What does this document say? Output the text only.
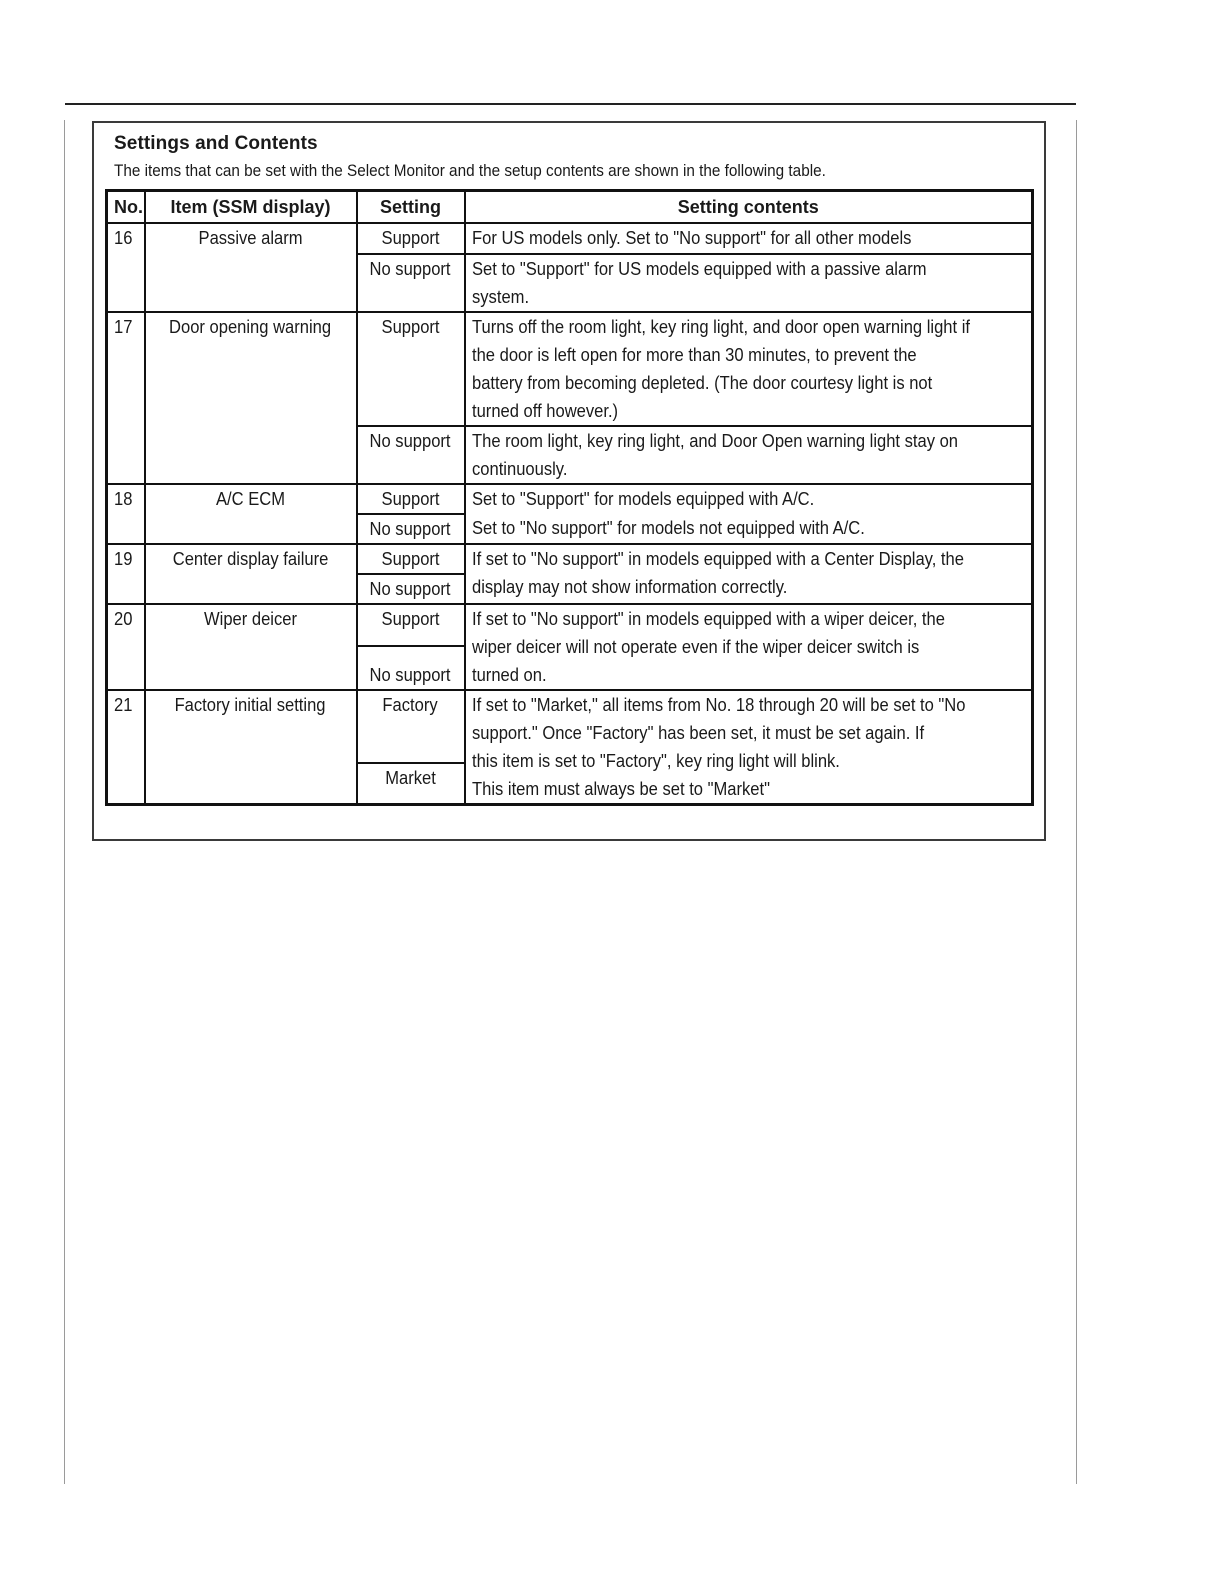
Settings and Contents
The items that can be set with the Select Monitor and the setup contents are shown in the following table.
No.	Item (SSM display)	Setting	Setting contents
16	Passive alarm	Support	For US models only. Set to "No support" for all other models
		No support	Set to "Support" for US models equipped with a passive alarm
system.
17	Door opening warning	Support	Turns off the room light, key ring light, and door open warning light if
the door is left open for more than 30 minutes, to prevent the
battery from becoming depleted. (The door courtesy light is not
turned off however.)
		No support	The room light, key ring light, and Door Open warning light stay on
continuously.
18	A/C ECM	Support	Set to "Support" for models equipped with A/C.
		No support	Set to "No support" for models not equipped with A/C.
19	Center display failure	Support	If set to "No support" in models equipped with a Center Display, the
display may not show information correctly.
		No support	
20	Wiper deicer	Support	If set to "No support" in models equipped with a wiper deicer, the
wiper deicer will not operate even if the wiper deicer switch is
turned on.
		No support	
21	Factory initial setting	Factory	If set to "Market," all items from No. 18 through 20 will be set to "No
support." Once "Factory" has been set, it must be set again. If
this item is set to "Factory", key ring light will blink.
This item must always be set to "Market"
		Market	
